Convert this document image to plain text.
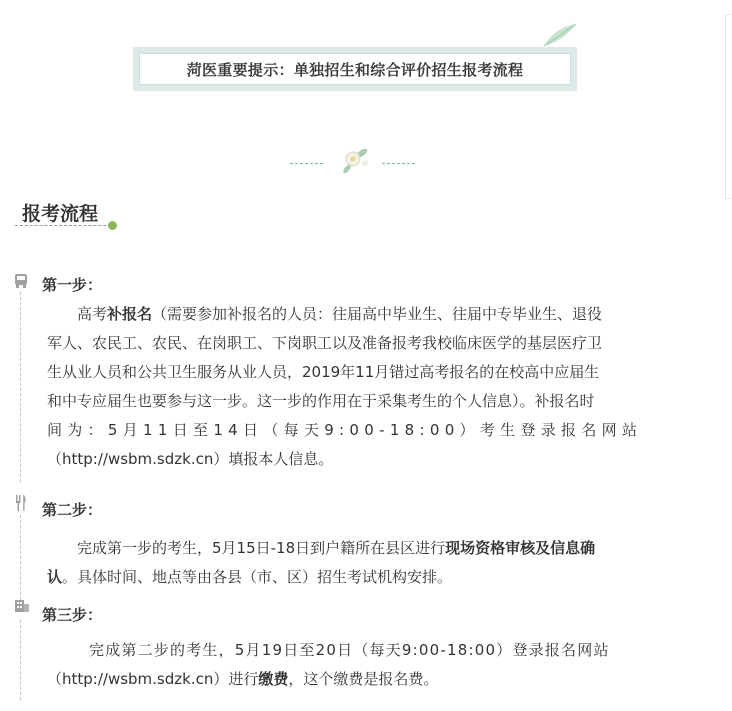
菏医重要提示：单独招生和综合评价招生报考流程
报考流程
第一步：
高考补报名（需要参加补报名的人员：往届高中毕业生、往届中专毕业生、退役
军人、农民工、农民、在岗职工、下岗职工以及准备报考我校临床医学的基层医疗卫
生从业人员和公共卫生服务从业人员，2019年11月错过高考报名的在校高中应届生
和中专应届生也要参与这一步。这一步的作用在于采集考生的个人信息）。补报名时
间为：5月11日至14日（每天9:00-18:00）考生登录报名网站
（http://wsbm.sdzk.cn）填报本人信息。
第二步：
完成第一步的考生，5月15日-18日到户籍所在县区进行现场资格审核及信息确
认。具体时间、地点等由各县（市、区）招生考试机构安排。
第三步：
完成第二步的考生，5月19日至20日（每天9:00-18:00）登录报名网站
（http://wsbm.sdzk.cn）进行缴费，这个缴费是报名费。
